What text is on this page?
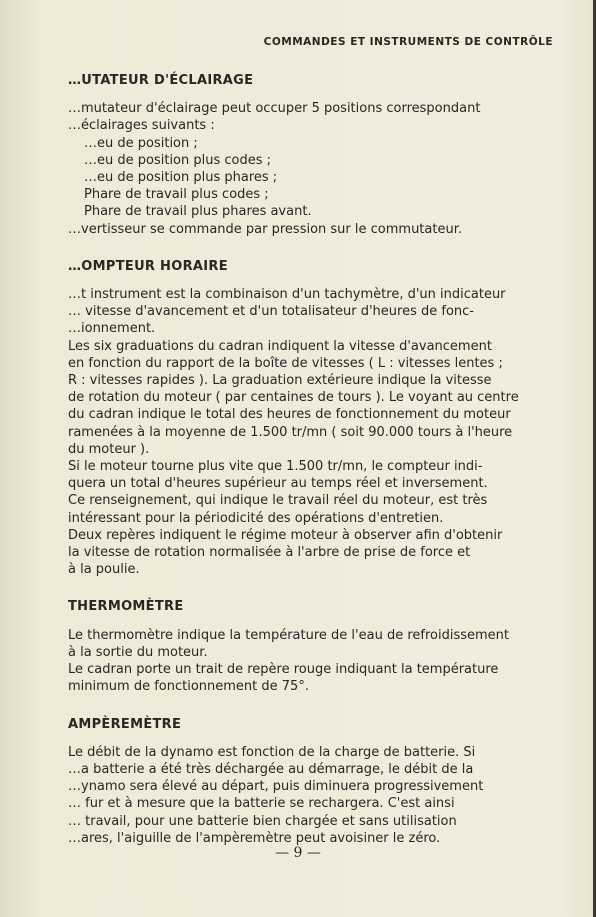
COMMANDES ET INSTRUMENTS DE CONTRÔLE
…UTATEUR D'ÉCLAIRAGE
…mutateur d'éclairage peut occuper 5 positions correspondant
…éclairages suivants :
…eu de position ;
…eu de position plus codes ;
…eu de position plus phares ;
Phare de travail plus codes ;
Phare de travail plus phares avant.
…vertisseur se commande par pression sur le commutateur.
…OMPTEUR HORAIRE
…t instrument est la combinaison d'un tachymètre, d'un indicateur
… vitesse d'avancement et d'un totalisateur d'heures de fonc-
…ionnement.
Les six graduations du cadran indiquent la vitesse d'avancement
en fonction du rapport de la boîte de vitesses ( L : vitesses lentes ;
R : vitesses rapides ). La graduation extérieure indique la vitesse
de rotation du moteur ( par centaines de tours ). Le voyant au centre
du cadran indique le total des heures de fonctionnement du moteur
ramenées à la moyenne de 1.500 tr/mn ( soit 90.000 tours à l'heure
du moteur ).
Si le moteur tourne plus vite que 1.500 tr/mn, le compteur indi-
quera un total d'heures supérieur au temps réel et inversement.
Ce renseignement, qui indique le travail réel du moteur, est très
intéressant pour la périodicité des opérations d'entretien.
Deux repères indiquent le régime moteur à observer afin d'obtenir
la vitesse de rotation normalisée à l'arbre de prise de force et
à la poulie.
THERMOMÈTRE
Le thermomètre indique la température de l'eau de refroidissement
à la sortie du moteur.
Le cadran porte un trait de repère rouge indiquant la température
minimum de fonctionnement de 75°.
AMPÈREMÈTRE
Le débit de la dynamo est fonction de la charge de batterie. Si
…a batterie a été très déchargée au démarrage, le débit de la
…ynamo sera élevé au départ, puis diminuera progressivement
… fur et à mesure que la batterie se rechargera. C'est ainsi
… travail, pour une batterie bien chargée et sans utilisation
…ares, l'aiguille de l'ampèremètre peut avoisiner le zéro.
— 9 —
